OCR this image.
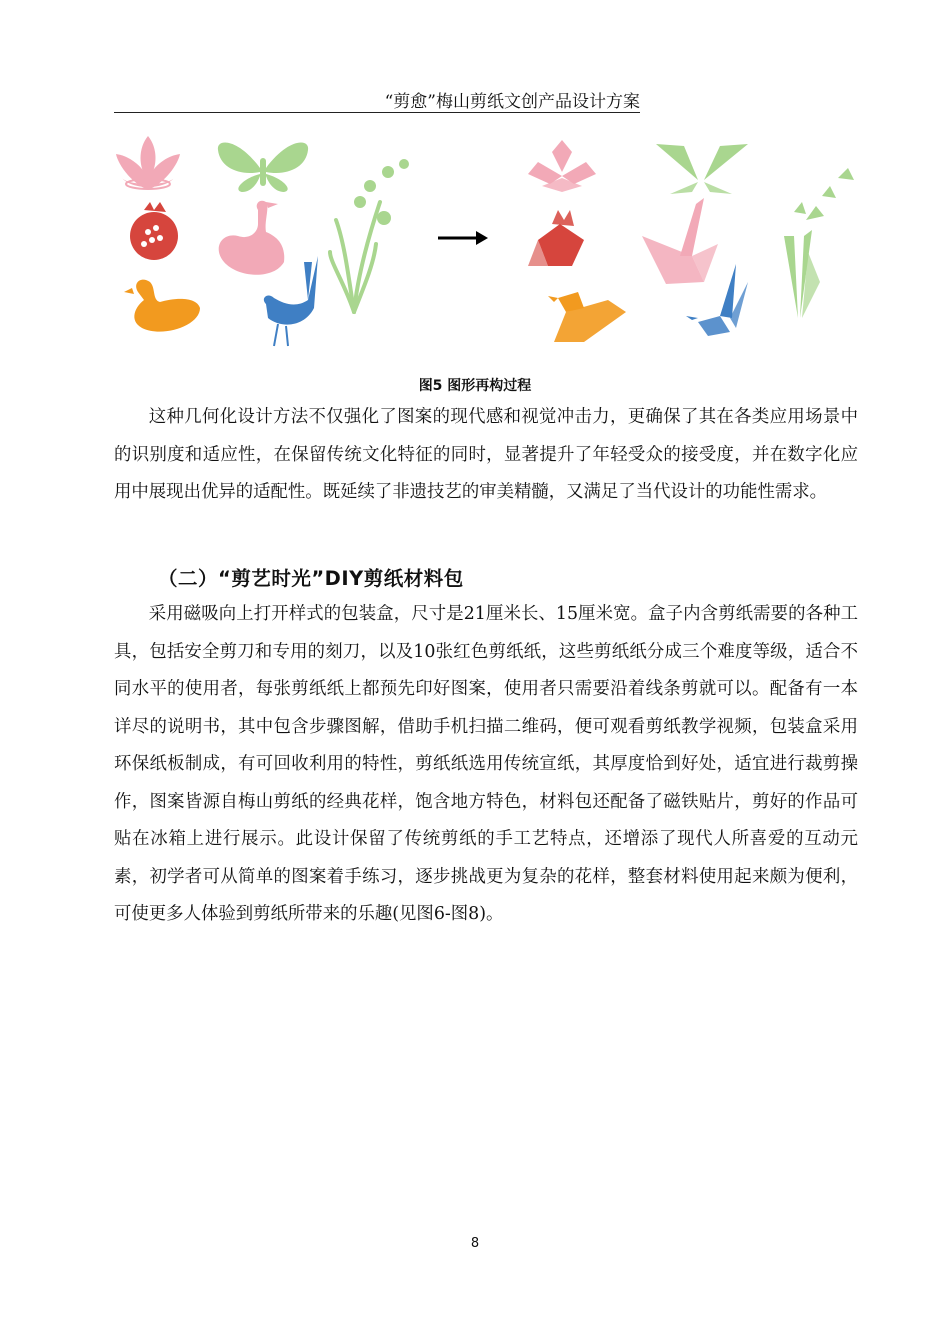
“剪愈”梅山剪纸文创产品设计方案
图5 图形再构过程

这种几何化设计方法不仅强化了图案的现代感和视觉冲击力，更确保了其在各类应用场景中的识别度和适应性，在保留传统文化特征的同时，显著提升了年轻受众的接受度，并在数字化应用中展现出优异的适配性。既延续了非遗技艺的审美精髓，又满足了当代设计的功能性需求。

（二）“剪艺时光”DIY剪纸材料包

采用磁吸向上打开样式的包装盒，尺寸是21厘米长、15厘米宽。盒子内含剪纸需要的各种工具，包括安全剪刀和专用的刻刀，以及10张红色剪纸纸，这些剪纸纸分成三个难度等级，适合不同水平的使用者，每张剪纸纸上都预先印好图案，使用者只需要沿着线条剪就可以。配备有一本详尽的说明书，其中包含步骤图解，借助手机扫描二维码，便可观看剪纸教学视频，包装盒采用环保纸板制成，有可回收利用的特性，剪纸纸选用传统宣纸，其厚度恰到好处，适宜进行裁剪操作，图案皆源自梅山剪纸的经典花样，饱含地方特色，材料包还配备了磁铁贴片，剪好的作品可贴在冰箱上进行展示。此设计保留了传统剪纸的手工艺特点，还增添了现代人所喜爱的互动元素，初学者可从简单的图案着手练习，逐步挑战更为复杂的花样，整套材料使用起来颇为便利，可使更多人体验到剪纸所带来的乐趣(见图6-图8)。

8
